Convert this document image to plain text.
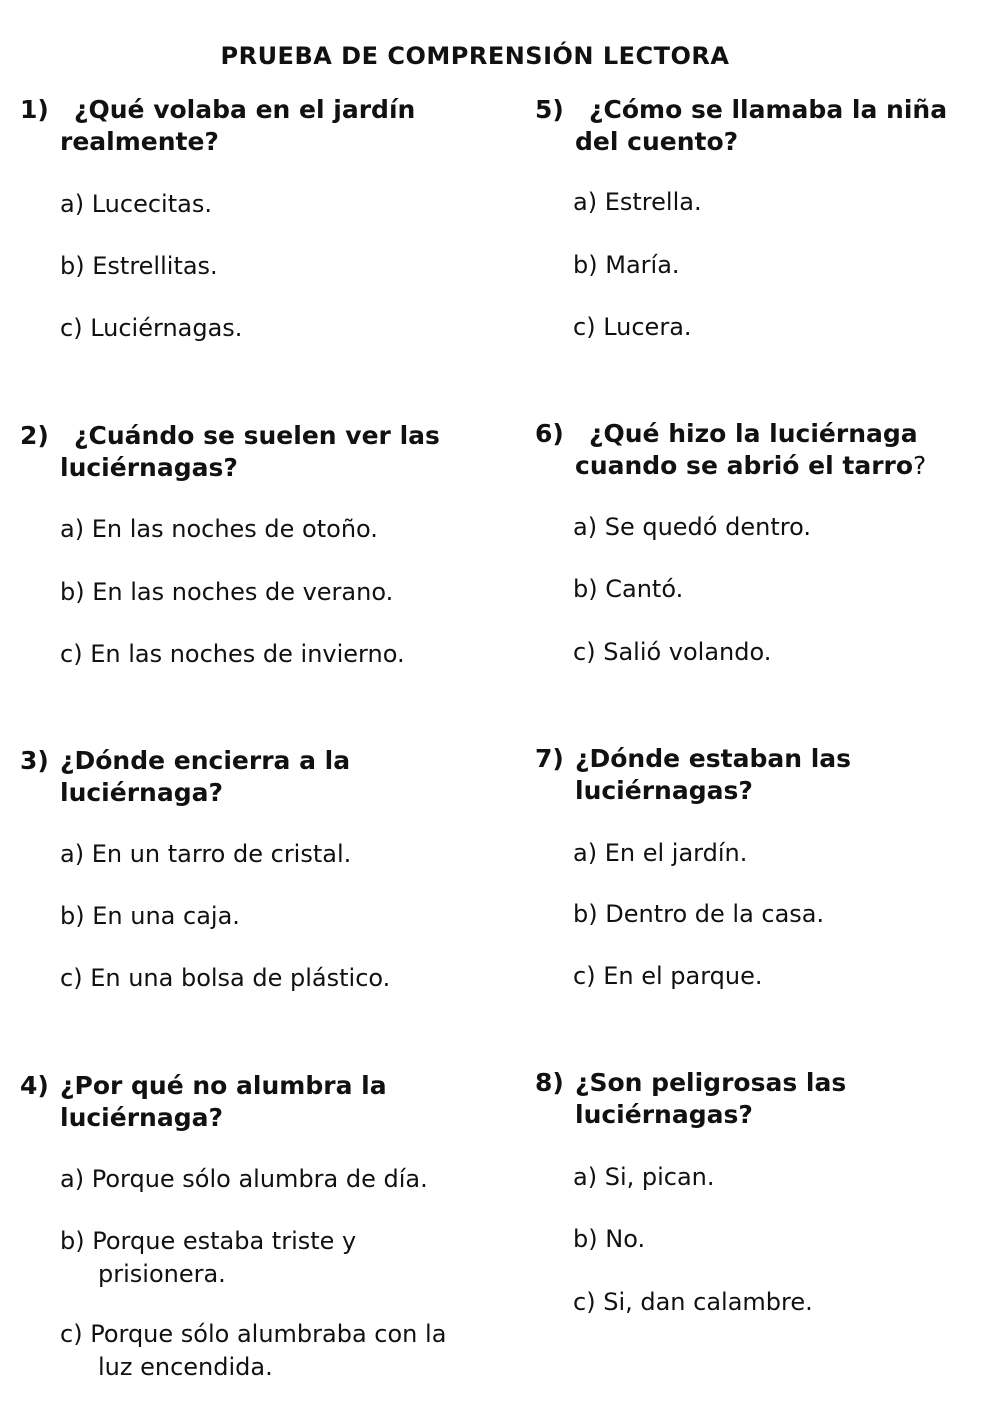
PRUEBA DE COMPRENSIÓN LECTORA
1) ¿Qué volaba en el jardín
realmente?
a) Lucecitas.
b) Estrellitas.
c) Luciérnagas.
2) ¿Cuándo se suelen ver las
luciérnagas?
a) En las noches de otoño.
b) En las noches de verano.
c) En las noches de invierno.
3) ¿Dónde encierra a la
luciérnaga?
a) En un tarro de cristal.
b) En una caja.
c) En una bolsa de plástico.
4) ¿Por qué no alumbra la
luciérnaga?
a) Porque sólo alumbra de día.
b) Porque estaba triste y
prisionera.
c) Porque sólo alumbraba con la
luz encendida.
5) ¿Cómo se llamaba la niña
del cuento?
a) Estrella.
b) María.
c) Lucera.
6) ¿Qué hizo la luciérnaga
cuando se abrió el tarro?
a) Se quedó dentro.
b) Cantó.
c) Salió volando.
7) ¿Dónde estaban las
luciérnagas?
a) En el jardín.
b) Dentro de la casa.
c) En el parque.
8) ¿Son peligrosas las
luciérnagas?
a) Si, pican.
b) No.
c) Si, dan calambre.
